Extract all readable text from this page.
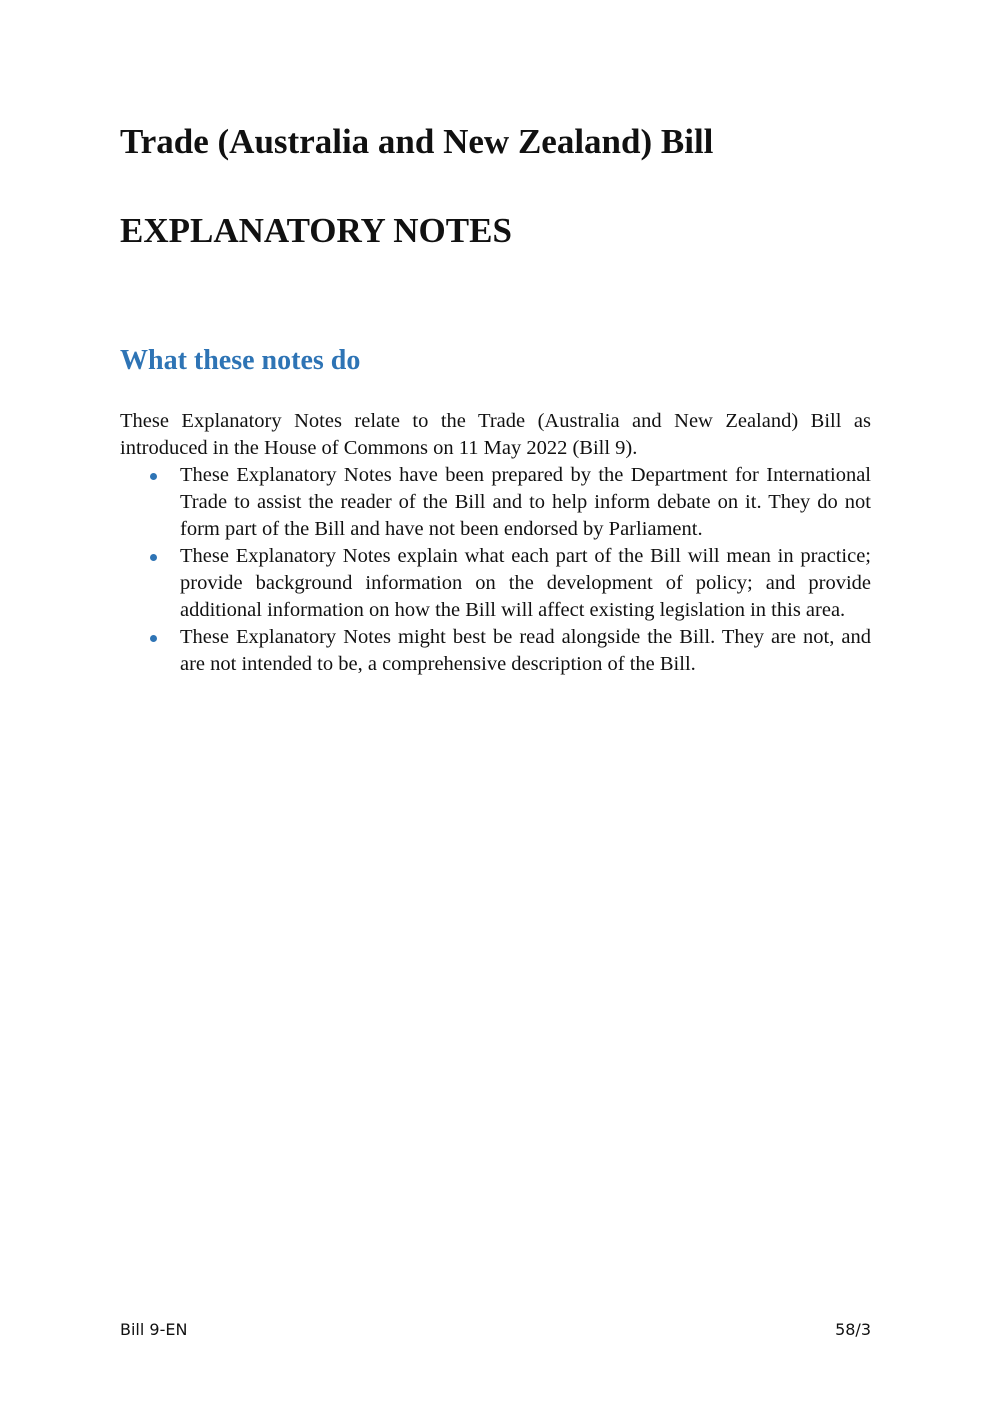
Trade (Australia and New Zealand) Bill
EXPLANATORY NOTES
What these notes do

These Explanatory Notes relate to the Trade (Australia and New Zealand) Bill as introduced in the House of Commons on 11 May 2022 (Bill 9).

These Explanatory Notes have been prepared by the Department for International Trade to assist the reader of the Bill and to help inform debate on it. They do not form part of the Bill and have not been endorsed by Parliament.
These Explanatory Notes explain what each part of the Bill will mean in practice; provide background information on the development of policy; and provide additional information on how the Bill will affect existing legislation in this area.
These Explanatory Notes might best be read alongside the Bill. They are not, and are not intended to be, a comprehensive description of the Bill.
Bill 9-EN	58/3
